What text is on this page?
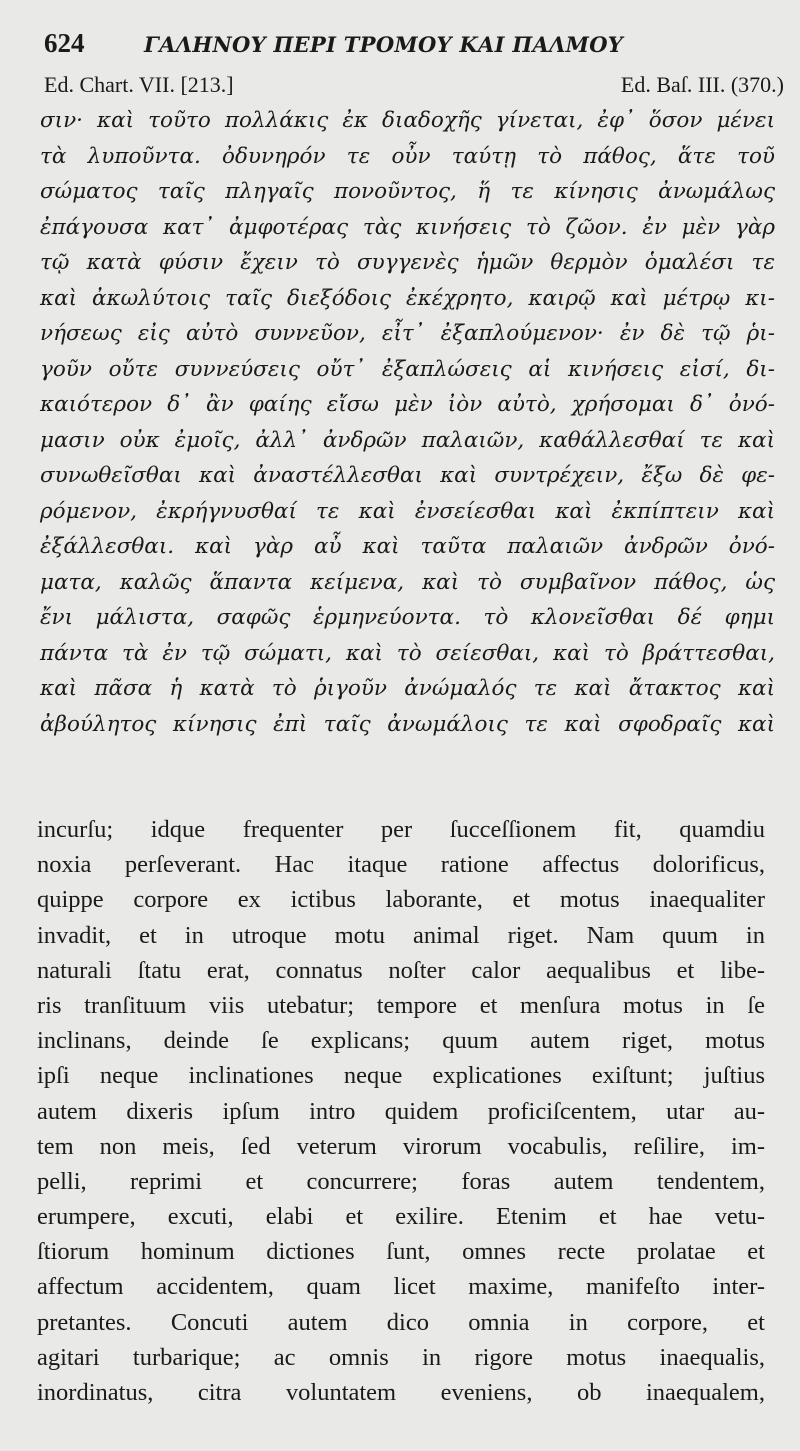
624	ΓΑΛΗΝΟΥ ΠΕΡΙ ΤΡΟΜΟΥ ΚΑΙ ΠΑΛΜΟΥ
Ed. Chart. VII. [213.]	Ed. Baſ. III. (370.)
σιν· καὶ τοῦτο πολλάκις ἐκ διαδοχῆς γίνεται, ἐφ᾽ ὅσον μένει
τὰ λυποῦντα. ὀδυνηρόν τε οὖν ταύτῃ τὸ πάθος, ἅτε τοῦ
σώματος ταῖς πληγαῖς πονοῦντος, ἥ τε κίνησις ἀνωμάλως
ἐπάγουσα κατ᾽ ἀμφοτέρας τὰς κινήσεις τὸ ζῶον. ἐν μὲν γὰρ
τῷ κατὰ φύσιν ἔχειν τὸ συγγενὲς ἡμῶν θερμὸν ὁμαλέσι τε
καὶ ἀκωλύτοις ταῖς διεξόδοις ἐκέχρητο, καιρῷ καὶ μέτρῳ κι-
νήσεως εἰς αὐτὸ συννεῦον, εἶτ᾽ ἐξαπλούμενον· ἐν δὲ τῷ ῥι-
γοῦν οὔτε συννεύσεις οὔτ᾽ ἐξαπλώσεις αἱ κινήσεις εἰσί, δι-
καιότερον δ᾽ ἂν φαίης εἴσω μὲν ἰὸν αὐτὸ, χρήσομαι δ᾽ ὀνό-
μασιν οὐκ ἐμοῖς, ἀλλ᾽ ἀνδρῶν παλαιῶν, καθάλλεσθαί τε καὶ
συνωθεῖσθαι καὶ ἀναστέλλεσθαι καὶ συντρέχειν, ἔξω δὲ φε-
ρόμενον, ἐκρήγνυσθαί τε καὶ ἐνσείεσθαι καὶ ἐκπίπτειν καὶ
ἐξάλλεσθαι. καὶ γὰρ αὖ καὶ ταῦτα παλαιῶν ἀνδρῶν ὀνό-
ματα, καλῶς ἅπαντα κείμενα, καὶ τὸ συμβαῖνον πάθος, ὡς
ἔνι μάλιστα, σαφῶς ἑρμηνεύοντα. τὸ κλονεῖσθαι δέ φημι
πάντα τὰ ἐν τῷ σώματι, καὶ τὸ σείεσθαι, καὶ τὸ βράττεσθαι,
καὶ πᾶσα ἡ κατὰ τὸ ῥιγοῦν ἀνώμαλός τε καὶ ἄτακτος καὶ
ἀβούλητος κίνησις ἐπὶ ταῖς ἀνωμάλοις τε καὶ σφοδραῖς καὶ
incurſu; idque frequenter per ſucceſſionem fit, quamdiu
noxia perſeverant. Hac itaque ratione affectus dolorificus,
quippe corpore ex ictibus laborante, et motus inaequaliter
invadit, et in utroque motu animal riget. Nam quum in
naturali ſtatu erat, connatus noſter calor aequalibus et libe-
ris tranſituum viis utebatur; tempore et menſura motus in ſe
inclinans, deinde ſe explicans; quum autem riget, motus
ipſi neque inclinationes neque explicationes exiſtunt; juſtius
autem dixeris ipſum intro quidem proficiſcentem, utar au-
tem non meis, ſed veterum virorum vocabulis, reſilire, im-
pelli, reprimi et concurrere; foras autem tendentem,
erumpere, excuti, elabi et exilire. Etenim et hae vetu-
ſtiorum hominum dictiones ſunt, omnes recte prolatae et
affectum accidentem, quam licet maxime, manifeſto inter-
pretantes. Concuti autem dico omnia in corpore, et
agitari turbarique; ac omnis in rigore motus inaequalis,
inordinatus, citra voluntatem eveniens, ob inaequalem,
